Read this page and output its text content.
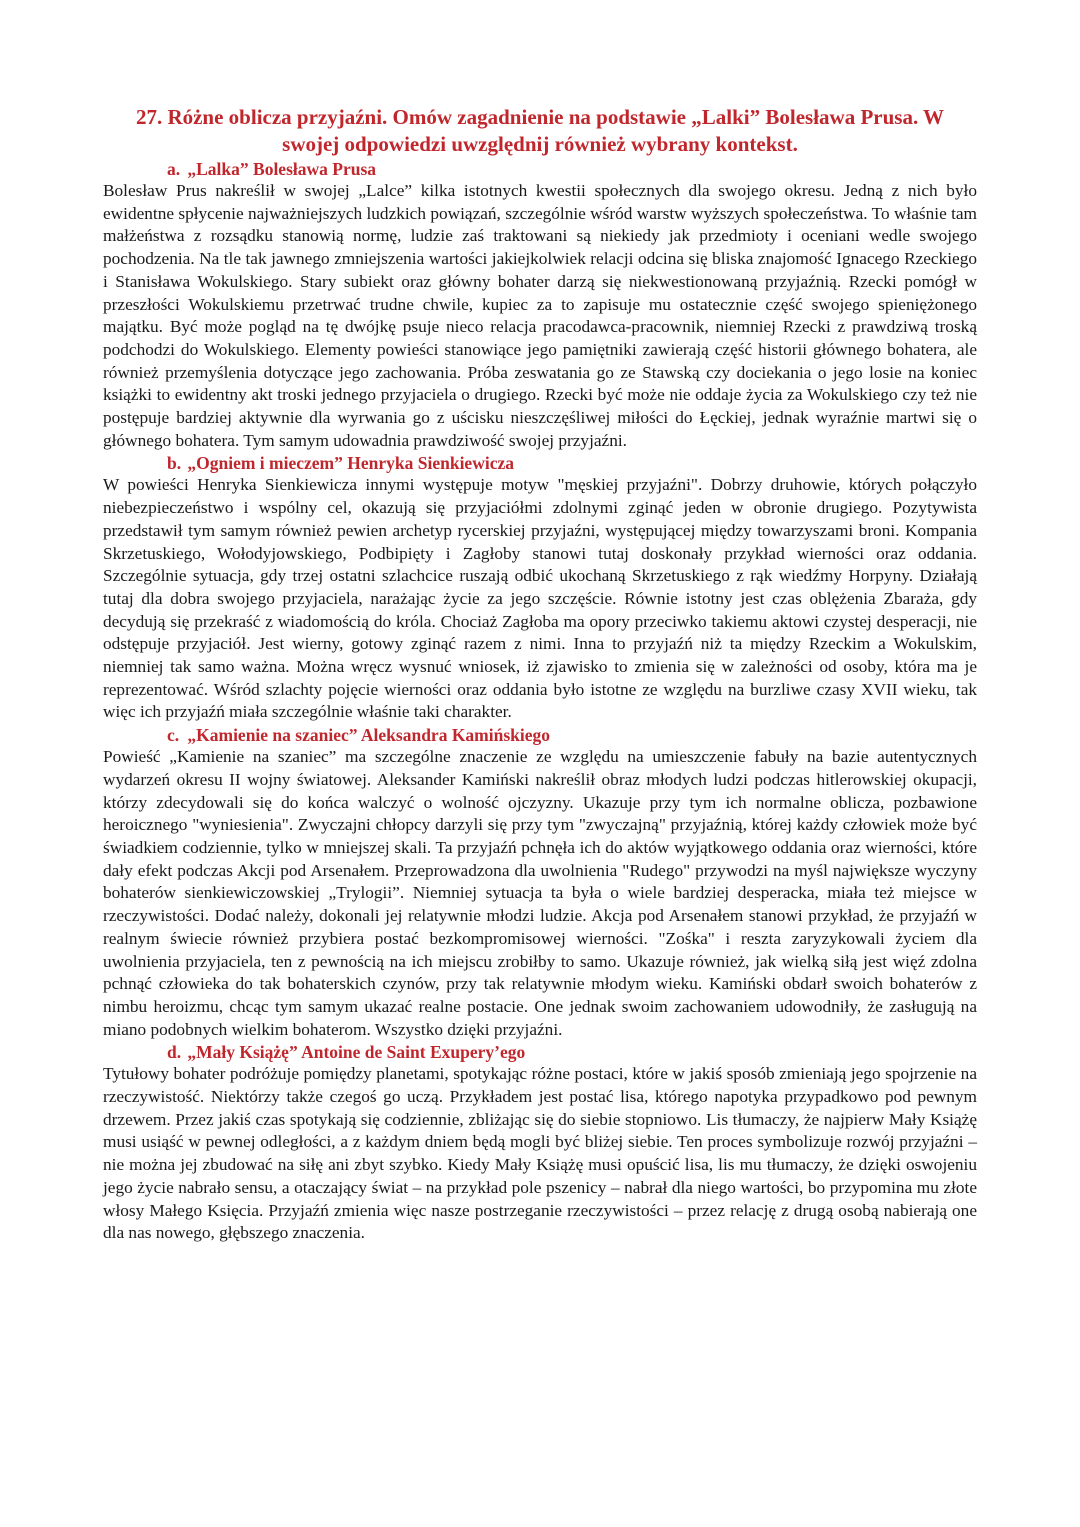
27. Różne oblicza przyjaźni. Omów zagadnienie na podstawie „Lalki” Bolesława Prusa. W swojej odpowiedzi uwzględnij również wybrany kontekst.
a. „Lalka” Bolesława Prusa

Bolesław Prus nakreślił w swojej „Lalce” kilka istotnych kwestii społecznych dla swojego okresu. Jedną z nich było ewidentne spłycenie najważniejszych ludzkich powiązań, szczególnie wśród warstw wyższych społeczeństwa. To właśnie tam małżeństwa z rozsądku stanowią normę, ludzie zaś traktowani są niekiedy jak przedmioty i oceniani wedle swojego pochodzenia. Na tle tak jawnego zmniejszenia wartości jakiejkolwiek relacji odcina się bliska znajomość Ignacego Rzeckiego i Stanisława Wokulskiego. Stary subiekt oraz główny bohater darzą się niekwestionowaną przyjaźnią. Rzecki pomógł w przeszłości Wokulskiemu przetrwać trudne chwile, kupiec za to zapisuje mu ostatecznie część swojego spieniężonego majątku. Być może pogląd na tę dwójkę psuje nieco relacja pracodawca-pracownik, niemniej Rzecki z prawdziwą troską podchodzi do Wokulskiego. Elementy powieści stanowiące jego pamiętniki zawierają część historii głównego bohatera, ale również przemyślenia dotyczące jego zachowania. Próba zeswatania go ze Stawską czy dociekania o jego losie na koniec książki to ewidentny akt troski jednego przyjaciela o drugiego. Rzecki być może nie oddaje życia za Wokulskiego czy też nie postępuje bardziej aktywnie dla wyrwania go z uścisku nieszczęśliwej miłości do Łęckiej, jednak wyraźnie martwi się o głównego bohatera. Tym samym udowadnia prawdziwość swojej przyjaźni.

b. „Ogniem i mieczem” Henryka Sienkiewicza

W powieści Henryka Sienkiewicza innymi występuje motyw "męskiej przyjaźni". Dobrzy druhowie, których połączyło niebezpieczeństwo i wspólny cel, okazują się przyjaciółmi zdolnymi zginąć jeden w obronie drugiego. Pozytywista przedstawił tym samym również pewien archetyp rycerskiej przyjaźni, występującej między towarzyszami broni. Kompania Skrzetuskiego, Wołodyjowskiego, Podbipięty i Zagłoby stanowi tutaj doskonały przykład wierności oraz oddania. Szczególnie sytuacja, gdy trzej ostatni szlachcice ruszają odbić ukochaną Skrzetuskiego z rąk wiedźmy Horpyny. Działają tutaj dla dobra swojego przyjaciela, narażając życie za jego szczęście. Równie istotny jest czas oblężenia Zbaraża, gdy decydują się przekraść z wiadomością do króla. Chociaż Zagłoba ma opory przeciwko takiemu aktowi czystej desperacji, nie odstępuje przyjaciół. Jest wierny, gotowy zginąć razem z nimi. Inna to przyjaźń niż ta między Rzeckim a Wokulskim, niemniej tak samo ważna. Można wręcz wysnuć wniosek, iż zjawisko to zmienia się w zależności od osoby, która ma je reprezentować. Wśród szlachty pojęcie wierności oraz oddania było istotne ze względu na burzliwe czasy XVII wieku, tak więc ich przyjaźń miała szczególnie właśnie taki charakter.

c. „Kamienie na szaniec” Aleksandra Kamińskiego

Powieść „Kamienie na szaniec” ma szczególne znaczenie ze względu na umieszczenie fabuły na bazie autentycznych wydarzeń okresu II wojny światowej. Aleksander Kamiński nakreślił obraz młodych ludzi podczas hitlerowskiej okupacji, którzy zdecydowali się do końca walczyć o wolność ojczyzny. Ukazuje przy tym ich normalne oblicza, pozbawione heroicznego "wyniesienia". Zwyczajni chłopcy darzyli się przy tym "zwyczajną" przyjaźnią, której każdy człowiek może być świadkiem codziennie, tylko w mniejszej skali. Ta przyjaźń pchnęła ich do aktów wyjątkowego oddania oraz wierności, które dały efekt podczas Akcji pod Arsenałem. Przeprowadzona dla uwolnienia "Rudego" przywodzi na myśl największe wyczyny bohaterów sienkiewiczowskiej „Trylogii”. Niemniej sytuacja ta była o wiele bardziej desperacka, miała też miejsce w rzeczywistości. Dodać należy, dokonali jej relatywnie młodzi ludzie. Akcja pod Arsenałem stanowi przykład, że przyjaźń w realnym świecie również przybiera postać bezkompromisowej wierności. "Zośka" i reszta zaryzykowali życiem dla uwolnienia przyjaciela, ten z pewnością na ich miejscu zrobiłby to samo. Ukazuje również, jak wielką siłą jest więź zdolna pchnąć człowieka do tak bohaterskich czynów, przy tak relatywnie młodym wieku. Kamiński obdarł swoich bohaterów z nimbu heroizmu, chcąc tym samym ukazać realne postacie. One jednak swoim zachowaniem udowodniły, że zasługują na miano podobnych wielkim bohaterom. Wszystko dzięki przyjaźni.

d. „Mały Książę” Antoine de Saint Exupery’ego

Tytułowy bohater podróżuje pomiędzy planetami, spotykając różne postaci, które w jakiś sposób zmieniają jego spojrzenie na rzeczywistość. Niektórzy także czegoś go uczą. Przykładem jest postać lisa, którego napotyka przypadkowo pod pewnym drzewem. Przez jakiś czas spotykają się codziennie, zbliżając się do siebie stopniowo. Lis tłumaczy, że najpierw Mały Książę musi usiąść w pewnej odległości, a z każdym dniem będą mogli być bliżej siebie. Ten proces symbolizuje rozwój przyjaźni – nie można jej zbudować na siłę ani zbyt szybko. Kiedy Mały Książę musi opuścić lisa, lis mu tłumaczy, że dzięki oswojeniu jego życie nabrało sensu, a otaczający świat – na przykład pole pszenicy – nabrał dla niego wartości, bo przypomina mu złote włosy Małego Księcia. Przyjaźń zmienia więc nasze postrzeganie rzeczywistości – przez relację z drugą osobą nabierają one dla nas nowego, głębszego znaczenia.
